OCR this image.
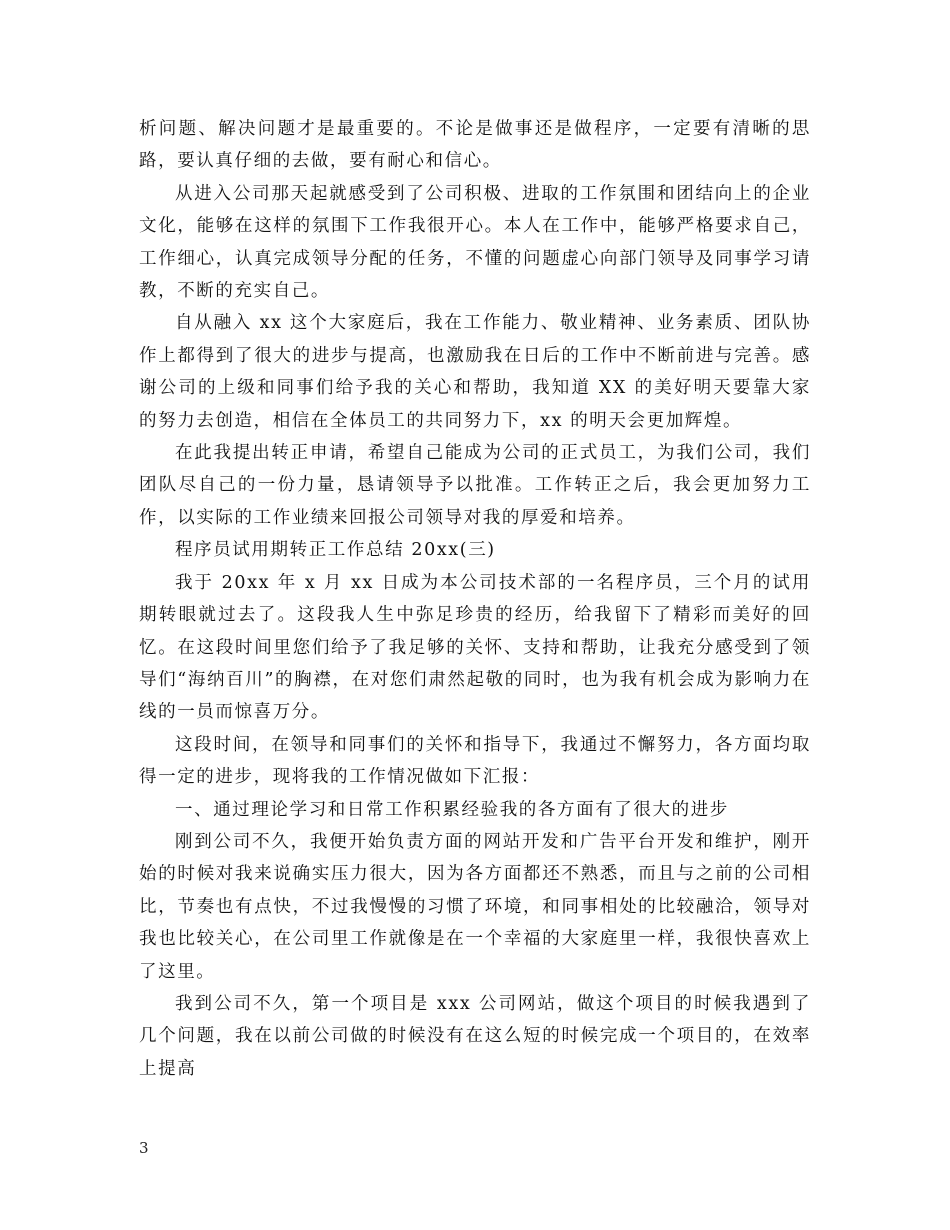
析问题、解决问题才是最重要的。不论是做事还是做程序，一定要有清晰的思路，要认真仔细的去做，要有耐心和信心。

从进入公司那天起就感受到了公司积极、进取的工作氛围和团结向上的企业文化，能够在这样的氛围下工作我很开心。本人在工作中，能够严格要求自己，工作细心，认真完成领导分配的任务，不懂的问题虚心向部门领导及同事学习请教，不断的充实自己。

自从融入 xx 这个大家庭后，我在工作能力、敬业精神、业务素质、团队协作上都得到了很大的进步与提高，也激励我在日后的工作中不断前进与完善。感谢公司的上级和同事们给予我的关心和帮助，我知道 XX 的美好明天要靠大家的努力去创造，相信在全体员工的共同努力下，xx 的明天会更加辉煌。

在此我提出转正申请，希望自己能成为公司的正式员工，为我们公司，我们团队尽自己的一份力量，恳请领导予以批准。工作转正之后，我会更加努力工作，以实际的工作业绩来回报公司领导对我的厚爱和培养。

程序员试用期转正工作总结 20xx(三)

我于 20xx 年 x 月 xx 日成为本公司技术部的一名程序员，三个月的试用期转眼就过去了。这段我人生中弥足珍贵的经历，给我留下了精彩而美好的回忆。在这段时间里您们给予了我足够的关怀、支持和帮助，让我充分感受到了领导们“海纳百川”的胸襟，在对您们肃然起敬的同时，也为我有机会成为影响力在线的一员而惊喜万分。

这段时间，在领导和同事们的关怀和指导下，我通过不懈努力，各方面均取得一定的进步，现将我的工作情况做如下汇报：

一、通过理论学习和日常工作积累经验我的各方面有了很大的进步

刚到公司不久，我便开始负责方面的网站开发和广告平台开发和维护，刚开始的时候对我来说确实压力很大，因为各方面都还不熟悉，而且与之前的公司相比，节奏也有点快，不过我慢慢的习惯了环境，和同事相处的比较融洽，领导对我也比较关心，在公司里工作就像是在一个幸福的大家庭里一样，我很快喜欢上了这里。

我到公司不久，第一个项目是 xxx 公司网站，做这个项目的时候我遇到了几个问题，我在以前公司做的时候没有在这么短的时候完成一个项目的，在效率上提高

3
